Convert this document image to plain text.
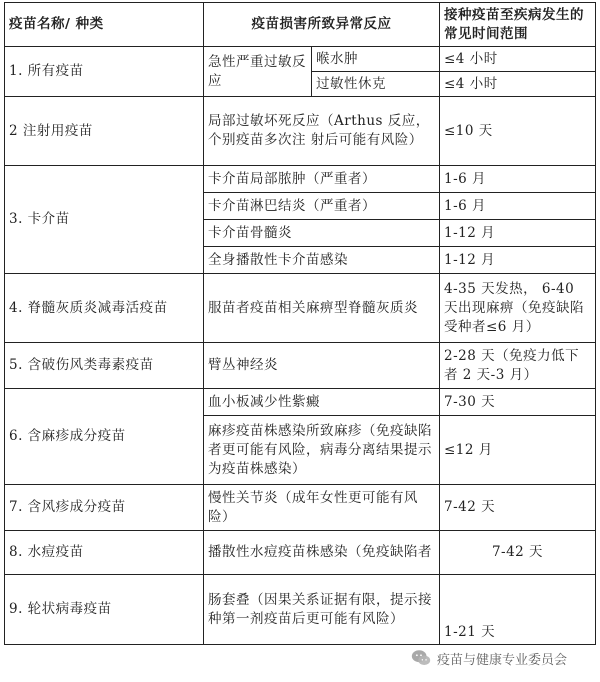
疫苗名称/ 种类	疫苗损害所致异常反应		接种疫苗至疾病发生的常见时间范围
1. 所有疫苗	急性严重过敏反应	喉水肿	≤4 小时
		过敏性休克	≤4 小时
2 注射用疫苗	局部过敏坏死反应（Arthus 反应，个别疫苗多次注 射后可能有风险）		≤10 天
3. 卡介苗	卡介苗局部脓肿（严重者）		1-6 月
	卡介苗淋巴结炎（严重者）		1-6 月
	卡介苗骨髓炎		1-12 月
	全身播散性卡介苗感染		1-12 月
4. 脊髓灰质炎减毒活疫苗	服苗者疫苗相关麻痹型脊髓灰质炎		4-35 天发热， 6-40 天出现麻痹（免疫缺陷受种者≤6 月）
5. 含破伤风类毒素疫苗	臂丛神经炎		2-28 天（免疫力低下者 2 天-3 月）
6. 含麻疹成分疫苗	血小板减少性紫癜		7-30 天
	麻疹疫苗株感染所致麻疹（免疫缺陷者更可能有风险，病毒分离结果提示为疫苗株感染）		≤12 月
7. 含风疹成分疫苗	慢性关节炎（成年女性更可能有风险）		7-42 天
8. 水痘疫苗	播散性水痘疫苗株感染（免疫缺陷者		7-42 天
9. 轮状病毒疫苗	肠套叠（因果关系证据有限，提示接种第一剂疫苗后更可能有风险）		1-21 天
疫苗与健康专业委员会
